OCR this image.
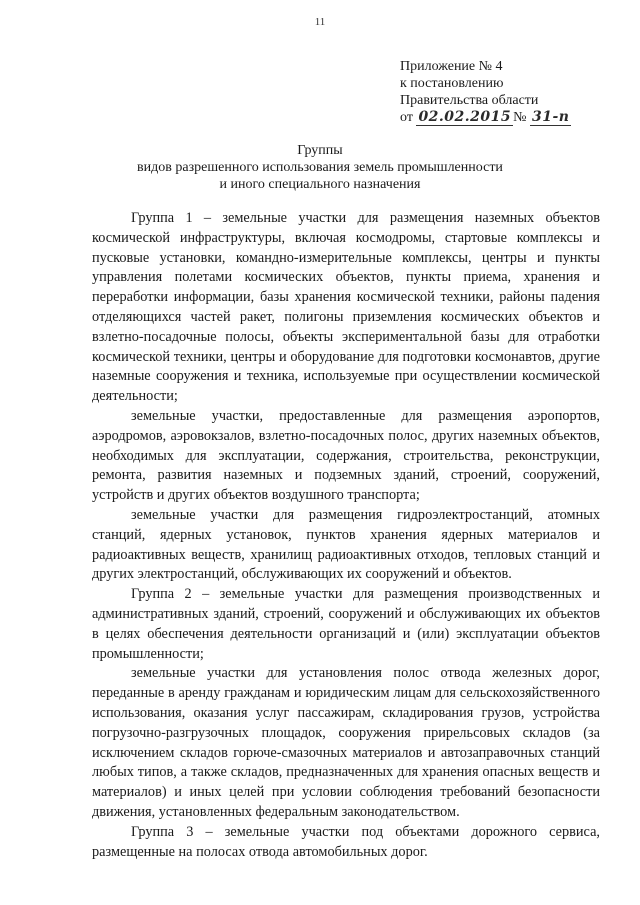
11
Приложение № 4
к постановлению
Правительства области
от 02.02.2015 № 31-п
Группы
видов разрешенного использования земель промышленности
и иного специального назначения

Группа 1 – земельные участки для размещения наземных объектов космической инфраструктуры, включая космодромы, стартовые комплексы и пусковые установки, командно-измерительные комплексы, центры и пункты управления полетами космических объектов, пункты приема, хранения и переработки информации, базы хранения космической техники, районы падения отделяющихся частей ракет, полигоны приземления космических объектов и взлетно-посадочные полосы, объекты экспериментальной базы для отработки космической техники, центры и оборудование для подготовки космонавтов, другие наземные сооружения и техника, используемые при осуществлении космической деятельности;

земельные участки, предоставленные для размещения аэропортов, аэродромов, аэровокзалов, взлетно-посадочных полос, других наземных объектов, необходимых для эксплуатации, содержания, строительства, реконструкции, ремонта, развития наземных и подземных зданий, строений, сооружений, устройств и других объектов воздушного транспорта;

земельные участки для размещения гидроэлектростанций, атомных станций, ядерных установок, пунктов хранения ядерных материалов и радиоактивных веществ, хранилищ радиоактивных отходов, тепловых станций и других электростанций, обслуживающих их сооружений и объектов.

Группа 2 – земельные участки для размещения производственных и административных зданий, строений, сооружений и обслуживающих их объектов в целях обеспечения деятельности организаций и (или) эксплуатации объектов промышленности;

земельные участки для установления полос отвода железных дорог, переданные в аренду гражданам и юридическим лицам для сельскохозяйственного использования, оказания услуг пассажирам, складирования грузов, устройства погрузочно-разгрузочных площадок, сооружения прирельсовых складов (за исключением складов горюче-смазочных материалов и автозаправочных станций любых типов, а также складов, предназначенных для хранения опасных веществ и материалов) и иных целей при условии соблюдения требований безопасности движения, установленных федеральным законодательством.

Группа 3 – земельные участки под объектами дорожного сервиса, размещенные на полосах отвода автомобильных дорог.
